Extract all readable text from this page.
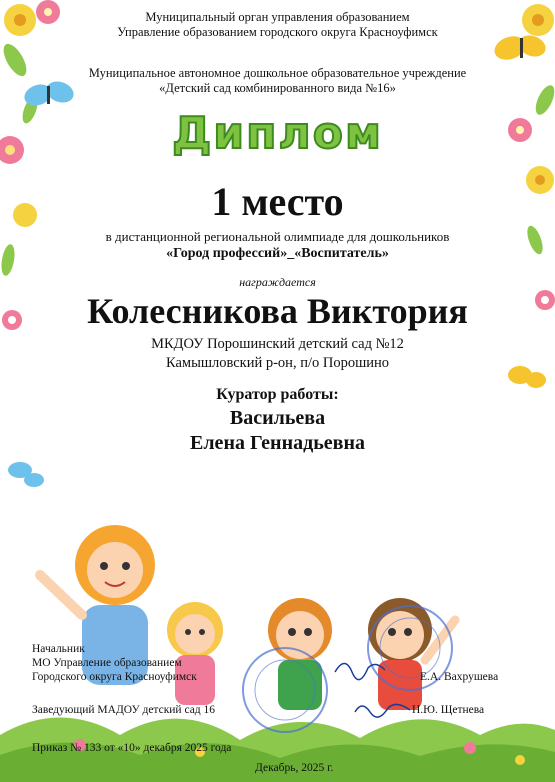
Муниципальный орган управления образованием
Управление образованием городского округа Красноуфимск
Муниципальное автономное дошкольное образовательное учреждение
«Детский сад комбинированного вида №16»
Диплом
1 место
в дистанционной региональной олимпиаде для дошкольников
«Город профессий»_«Воспитатель»
награждается
Колесникова Виктория
МКДОУ Порошинский детский сад №12
Камышловский р-он, п/о Порошино
Куратор работы:
Васильева
Елена Геннадьевна
Начальник
МО Управление образованием
Городского округа Красноуфимск	Е.А. Вахрушева
Заведующий МАДОУ детский сад 16	Н.Ю. Щетнева
Приказ № 133 от «10» декабря 2025 года
Декабрь, 2025 г.
